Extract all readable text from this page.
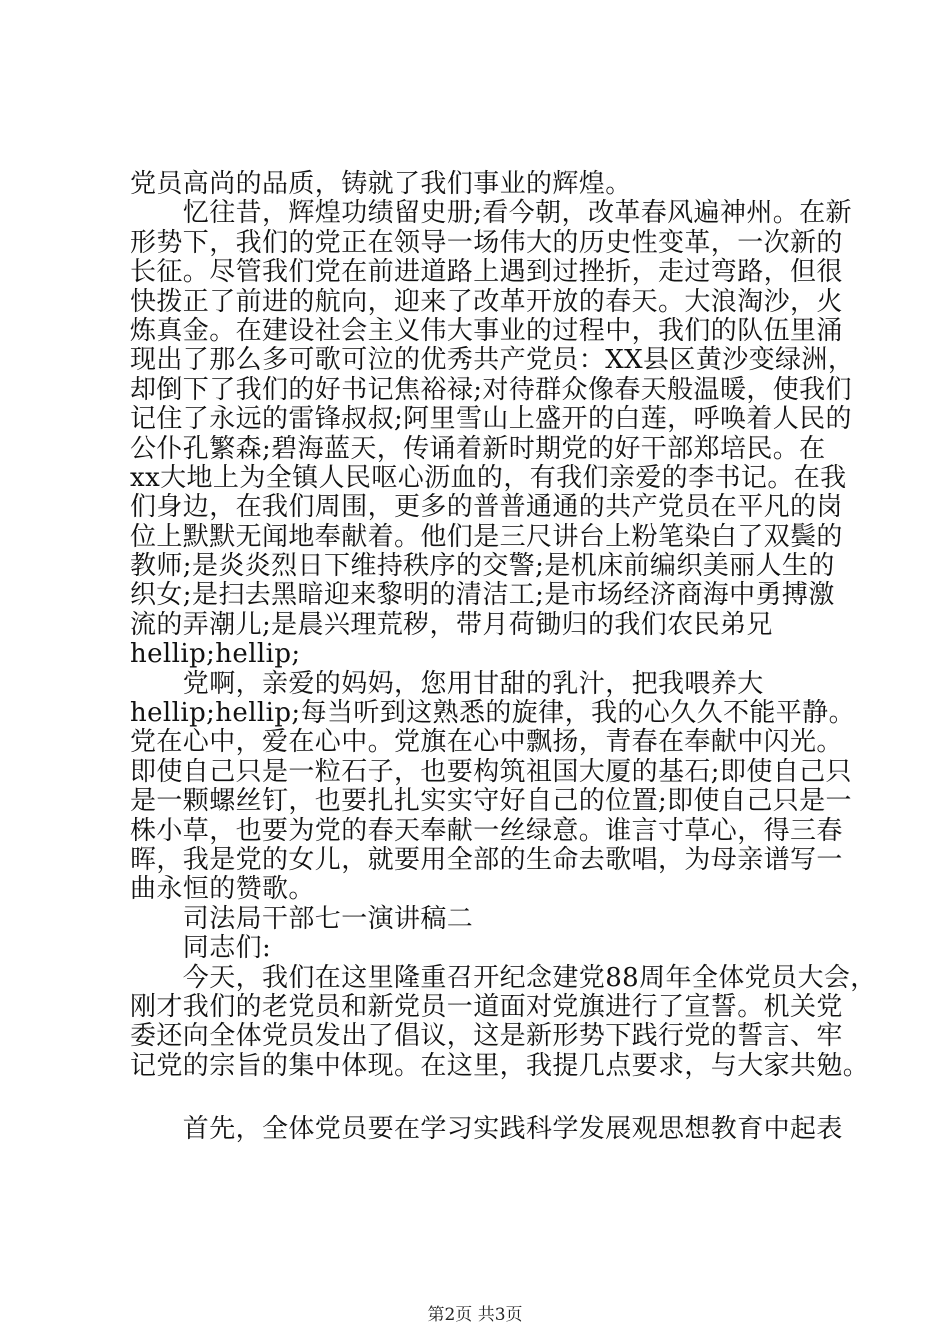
党员高尚的品质，铸就了我们事业的辉煌。
　　忆往昔，辉煌功绩留史册;看今朝，改革春风遍神州。在新
形势下，我们的党正在领导一场伟大的历史性变革，一次新的
长征。尽管我们党在前进道路上遇到过挫折，走过弯路，但很
快拨正了前进的航向，迎来了改革开放的春天。大浪淘沙，火
炼真金。在建设社会主义伟大事业的过程中，我们的队伍里涌
现出了那么多可歌可泣的优秀共产党员：XX县区黄沙变绿洲，
却倒下了我们的好书记焦裕禄;对待群众像春天般温暖，使我们
记住了永远的雷锋叔叔;阿里雪山上盛开的白莲，呼唤着人民的
公仆孔繁森;碧海蓝天，传诵着新时期党的好干部郑培民。在
xx大地上为全镇人民呕心沥血的，有我们亲爱的李书记。在我
们身边，在我们周围，更多的普普通通的共产党员在平凡的岗
位上默默无闻地奉献着。他们是三尺讲台上粉笔染白了双鬓的
教师;是炎炎烈日下维持秩序的交警;是机床前编织美丽人生的
织女;是扫去黑暗迎来黎明的清洁工;是市场经济商海中勇搏激
流的弄潮儿;是晨兴理荒秽，带月荷锄归的我们农民弟兄
hellip;hellip;
　　党啊，亲爱的妈妈，您用甘甜的乳汁，把我喂养大
hellip;hellip;每当听到这熟悉的旋律，我的心久久不能平静。
党在心中，爱在心中。党旗在心中飘扬，青春在奉献中闪光。
即使自己只是一粒石子，也要构筑祖国大厦的基石;即使自己只
是一颗螺丝钉，也要扎扎实实守好自己的位置;即使自己只是一
株小草，也要为党的春天奉献一丝绿意。谁言寸草心，得三春
晖，我是党的女儿，就要用全部的生命去歌唱，为母亲谱写一
曲永恒的赞歌。
　　司法局干部七一演讲稿二
　　同志们:
　　今天，我们在这里隆重召开纪念建党88周年全体党员大会，
刚才我们的老党员和新党员一道面对党旗进行了宣誓。机关党
委还向全体党员发出了倡议，这是新形势下践行党的誓言、牢
记党的宗旨的集中体现。在这里，我提几点要求，与大家共勉。
　　首先，全体党员要在学习实践科学发展观思想教育中起表
第2页 共3页
